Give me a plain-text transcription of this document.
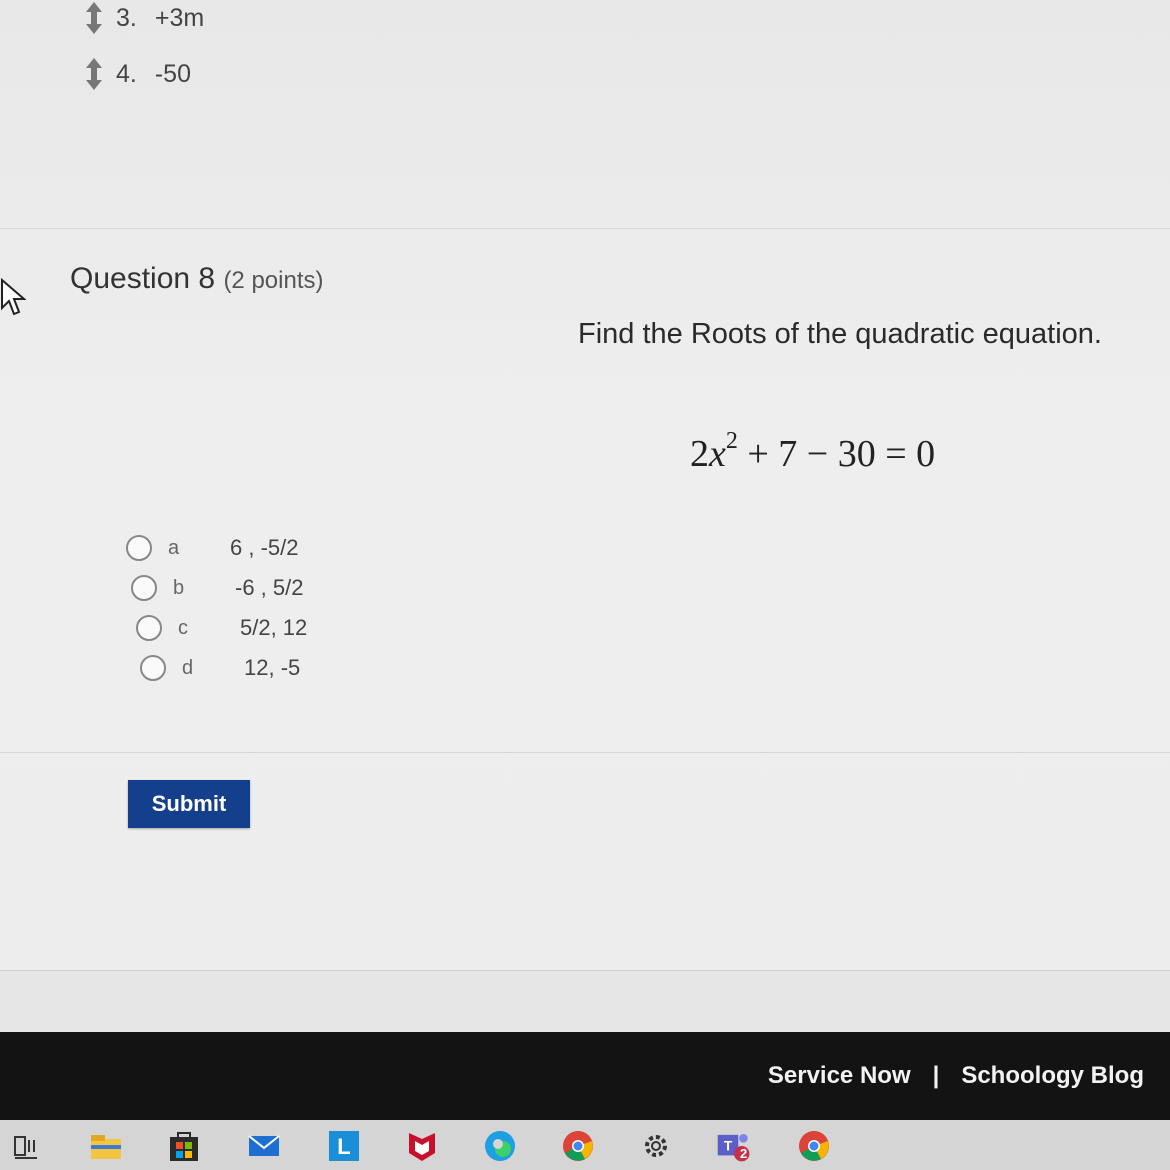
3. +3m
4. -50
Question 8 (2 points)
Find the Roots of the quadratic equation.
$2x^2 + 7 - 30 = 0$
a	6 , -5/2
b	-6 , 5/2
c	5/2, 12
d	12, -5
Submit
Service Now | Schoology Blog
L	T
2
